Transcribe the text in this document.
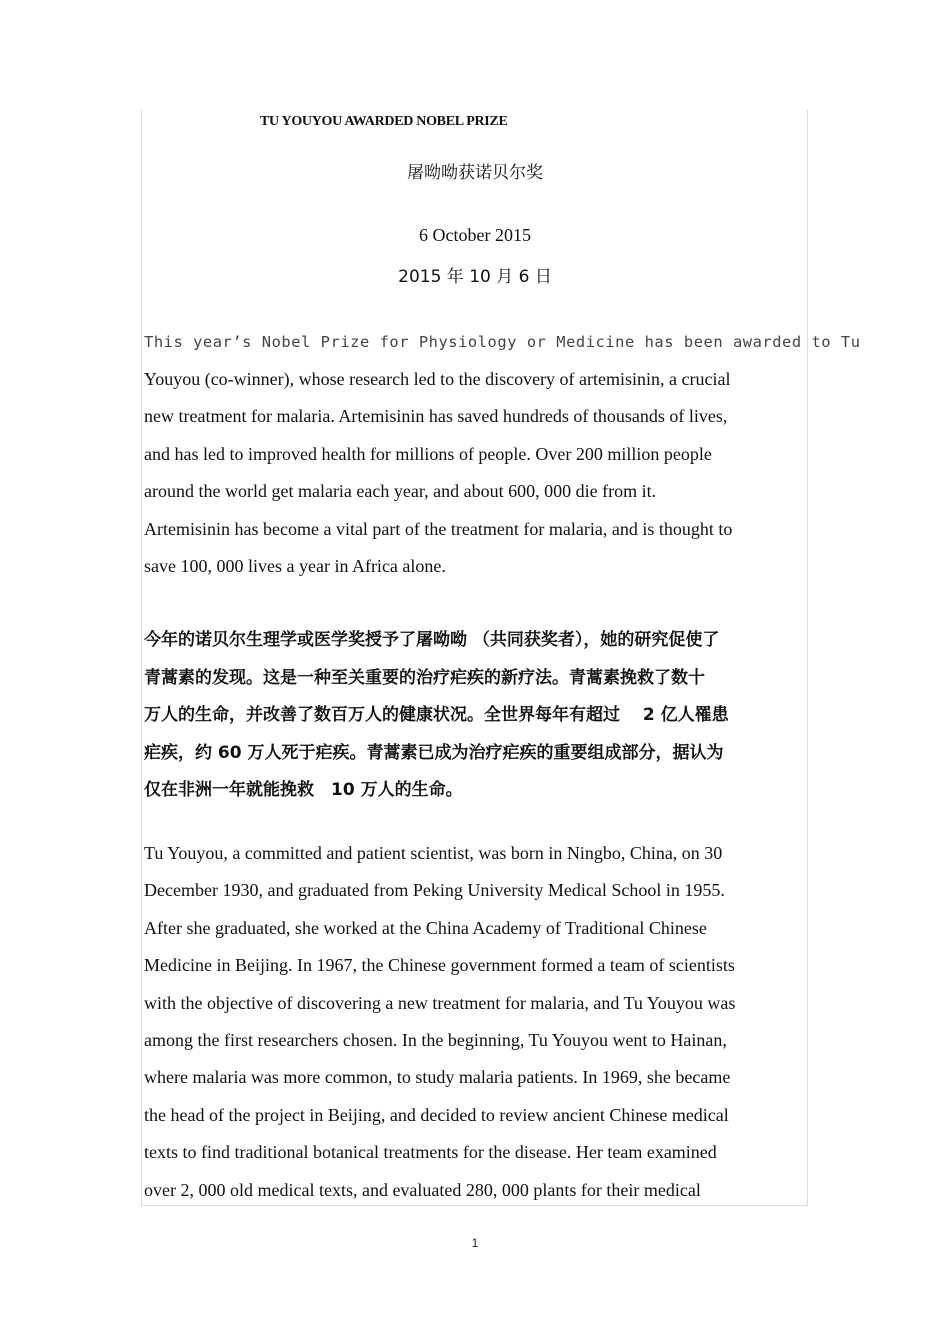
TU YOUYOU AWARDED NOBEL PRIZE
屠呦呦获诺贝尔奖
6 October 2015
2015 年 10 月 6 日
This year’s Nobel Prize for Physiology or Medicine has been awarded to Tu
Youyou (co-winner), whose research led to the discovery of artemisinin, a crucial
new treatment for malaria. Artemisinin has saved hundreds of thousands of lives,
and has led to improved health for millions of people. Over 200 million people
around the world get malaria each year, and about 600, 000 die from it.
Artemisinin has become a vital part of the treatment for malaria, and is thought to
save 100, 000 lives a year in Africa alone.
今年的诺贝尔生理学或医学奖授予了屠呦呦 （共同获奖者），她的研究促使了
青蒿素的发现。这是一种至关重要的治疗疟疾的新疗法。青蒿素挽救了数十
万人的生命，并改善了数百万人的健康状况。全世界每年有超过　 2 亿人罹患
疟疾，约 60 万人死于疟疾。青蒿素已成为治疗疟疾的重要组成部分，据认为
仅在非洲一年就能挽救　10 万人的生命。
Tu Youyou, a committed and patient scientist, was born in Ningbo, China, on 30
December 1930, and graduated from Peking University Medical School in 1955.
After she graduated, she worked at the China Academy of Traditional Chinese
Medicine in Beijing. In 1967, the Chinese government formed a team of scientists
with the objective of discovering a new treatment for malaria, and Tu Youyou was
among the first researchers chosen. In the beginning, Tu Youyou went to Hainan,
where malaria was more common, to study malaria patients. In 1969, she became
the head of the project in Beijing, and decided to review ancient Chinese medical
texts to find traditional botanical treatments for the disease. Her team examined
over 2, 000 old medical texts, and evaluated 280, 000 plants for their medical
1
